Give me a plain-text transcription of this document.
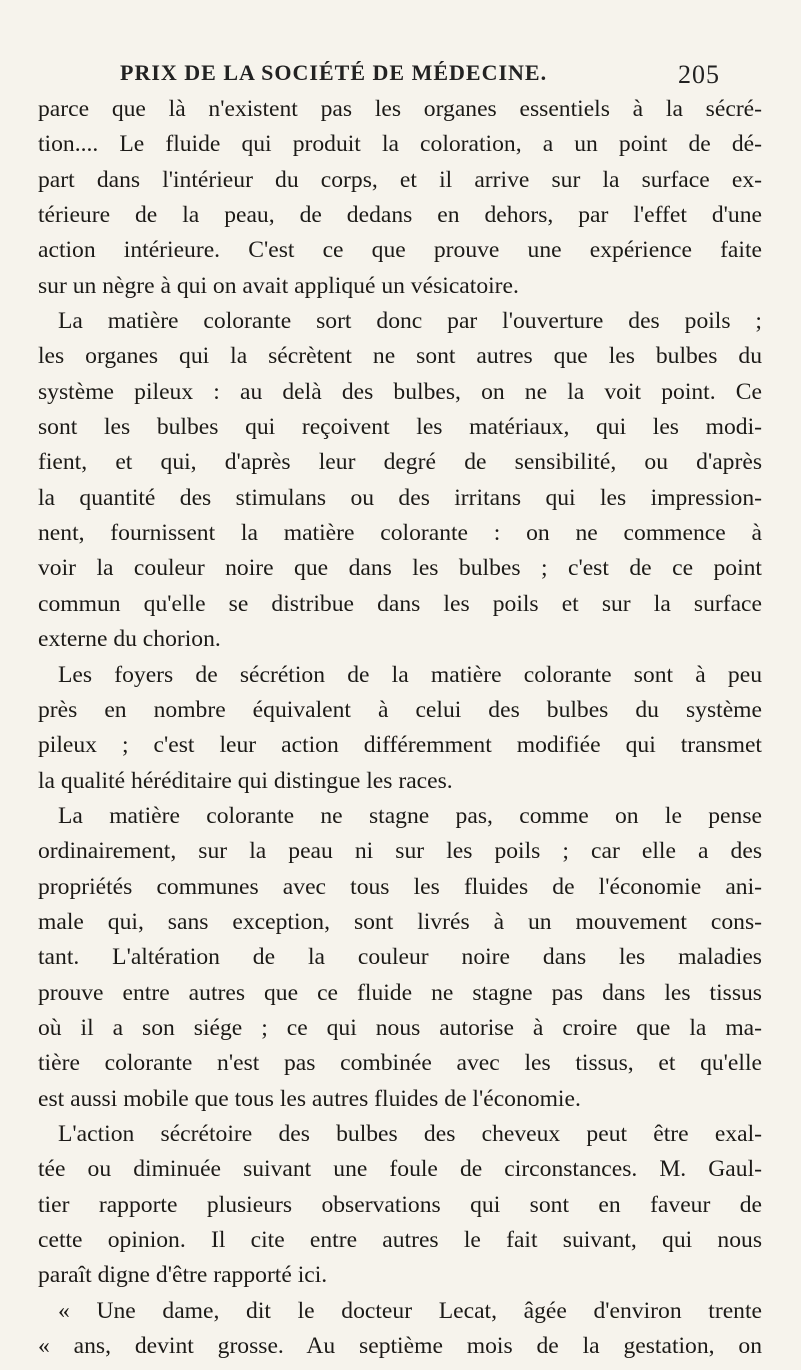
PRIX DE LA SOCIÉTÉ DE MÉDECINE.	205
parce que là n'existent pas les organes essentiels à la sécré-
tion.... Le fluide qui produit la coloration, a un point de dé-
part dans l'intérieur du corps, et il arrive sur la surface ex-
térieure de la peau, de dedans en dehors, par l'effet d'une
action intérieure. C'est ce que prouve une expérience faite
sur un nègre à qui on avait appliqué un vésicatoire.
La matière colorante sort donc par l'ouverture des poils ;
les organes qui la sécrètent ne sont autres que les bulbes du
système pileux : au delà des bulbes, on ne la voit point. Ce
sont les bulbes qui reçoivent les matériaux, qui les modi-
fient, et qui, d'après leur degré de sensibilité, ou d'après
la quantité des stimulans ou des irritans qui les impression-
nent, fournissent la matière colorante : on ne commence à
voir la couleur noire que dans les bulbes ; c'est de ce point
commun qu'elle se distribue dans les poils et sur la surface
externe du chorion.
Les foyers de sécrétion de la matière colorante sont à peu
près en nombre équivalent à celui des bulbes du système
pileux ; c'est leur action différemment modifiée qui transmet
la qualité héréditaire qui distingue les races.
La matière colorante ne stagne pas, comme on le pense
ordinairement, sur la peau ni sur les poils ; car elle a des
propriétés communes avec tous les fluides de l'économie ani-
male qui, sans exception, sont livrés à un mouvement cons-
tant. L'altération de la couleur noire dans les maladies
prouve entre autres que ce fluide ne stagne pas dans les tissus
où il a son siége ; ce qui nous autorise à croire que la ma-
tière colorante n'est pas combinée avec les tissus, et qu'elle
est aussi mobile que tous les autres fluides de l'économie.
L'action sécrétoire des bulbes des cheveux peut être exal-
tée ou diminuée suivant une foule de circonstances. M. Gaul-
tier rapporte plusieurs observations qui sont en faveur de
cette opinion. Il cite entre autres le fait suivant, qui nous
paraît digne d'être rapporté ici.
« Une dame, dit le docteur Lecat, âgée d'environ trente
« ans, devint grosse. Au septième mois de la gestation, on
